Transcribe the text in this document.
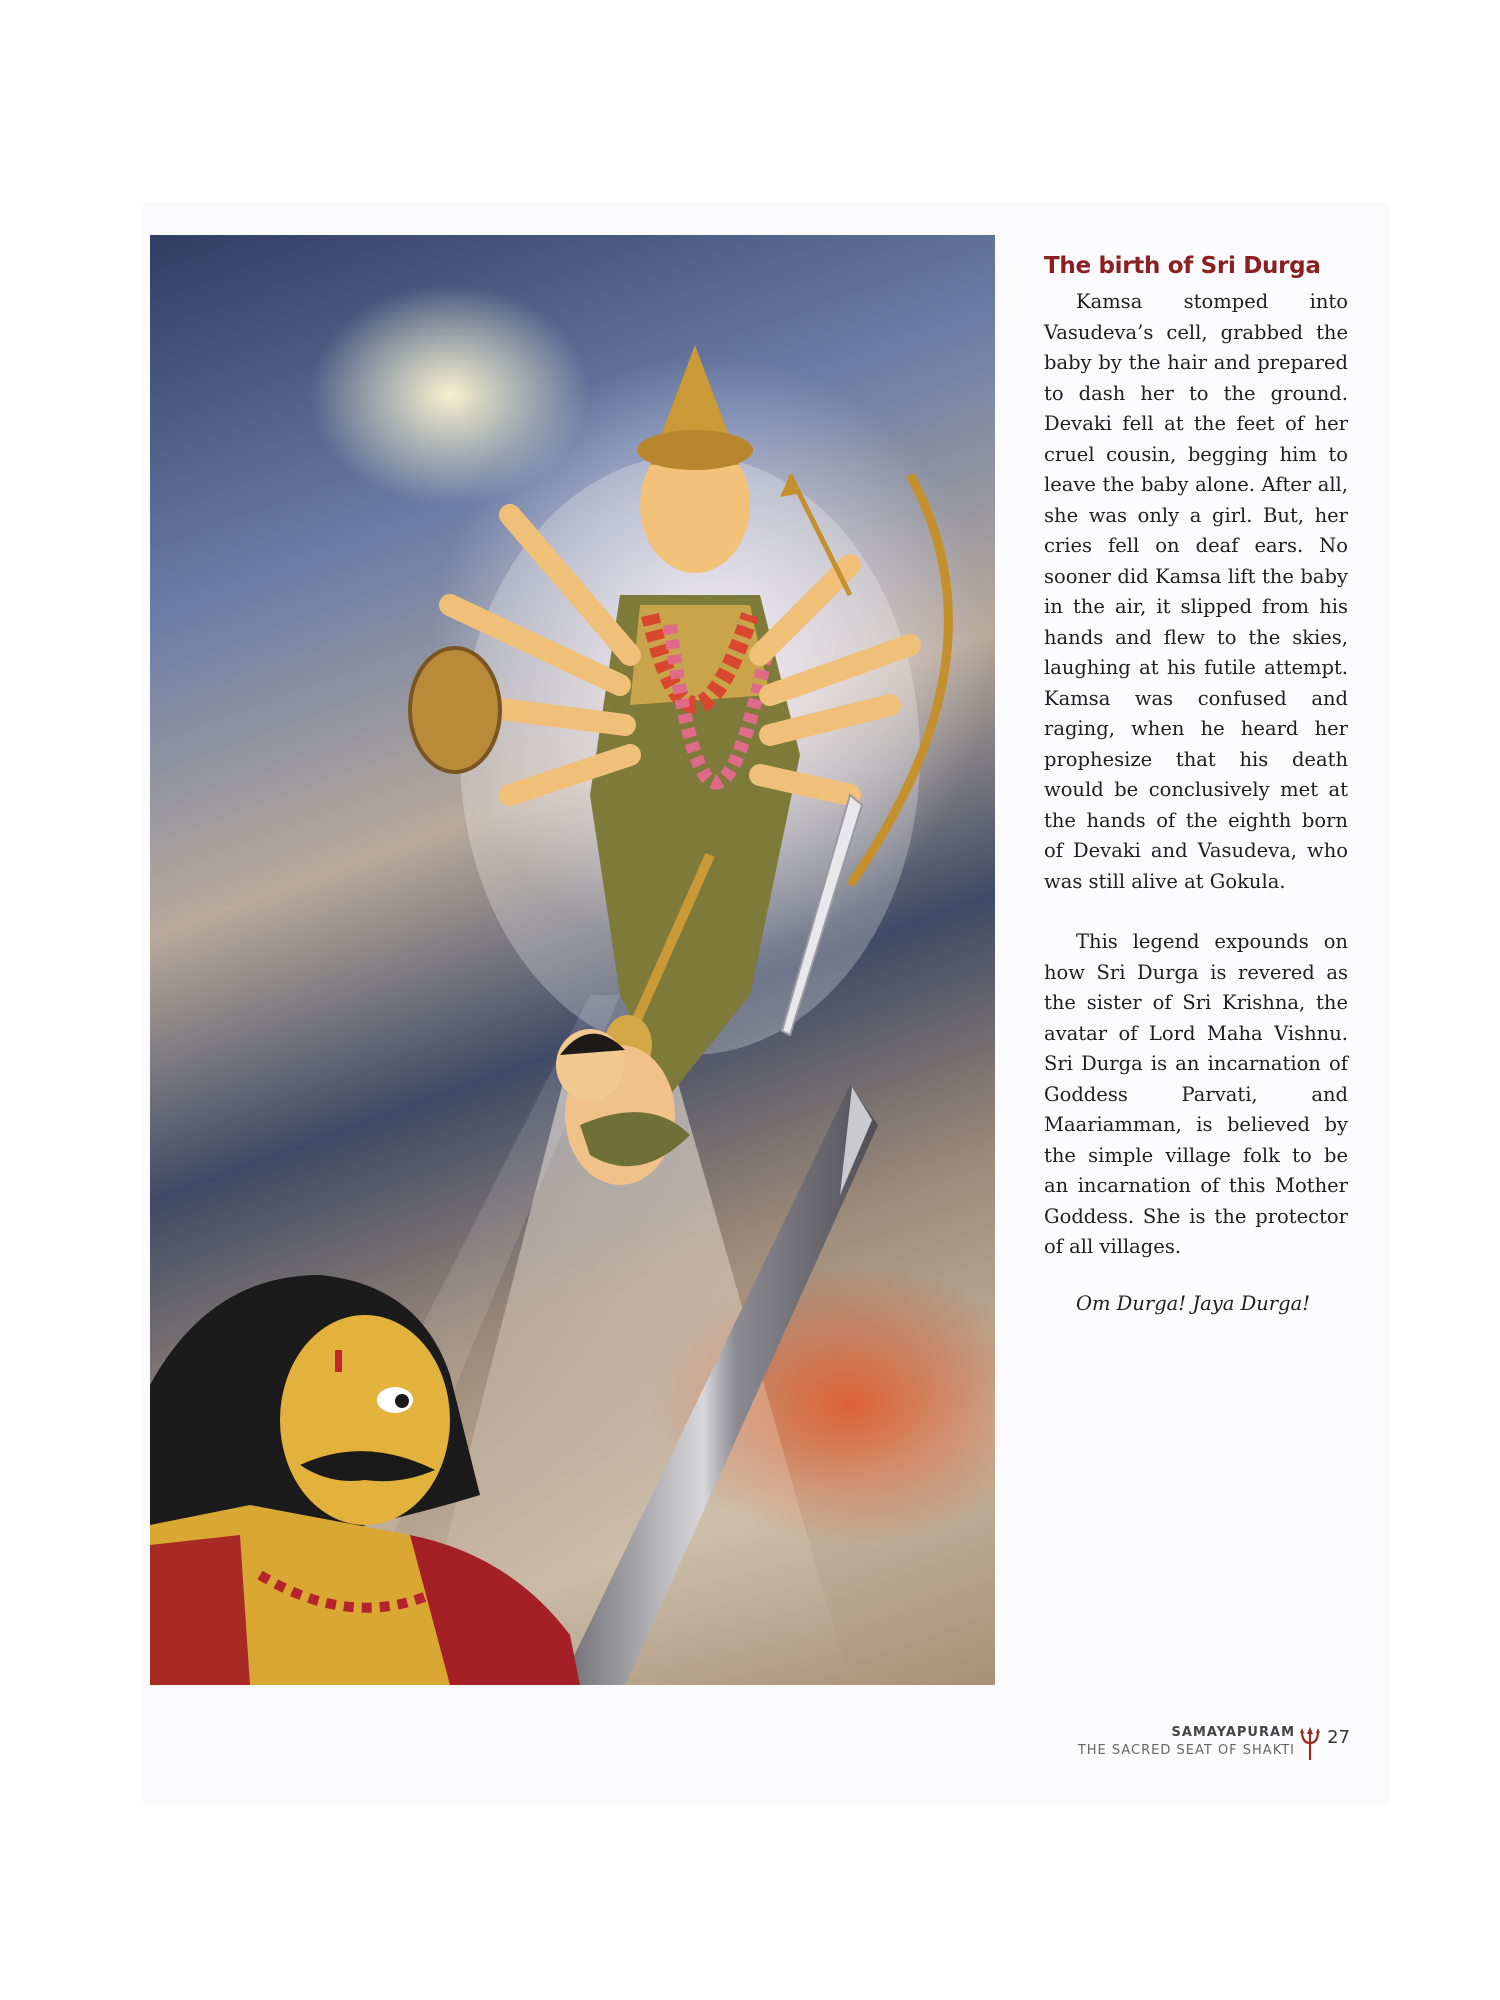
The birth of Sri Durga

Kamsa stomped into Vasudeva’s cell, grabbed the baby by the hair and prepared to dash her to the ground. Devaki fell at the feet of her cruel cousin, begging him to leave the baby alone. After all, she was only a girl. But, her cries fell on deaf ears. No sooner did Kamsa lift the baby in the air, it slipped from his hands and flew to the skies, laughing at his futile attempt. Kamsa was confused and raging, when he heard her prophesize that his death would be conclusively met at the hands of the eighth born of Devaki and Vasudeva, who was still alive at Gokula.

This legend expounds on how Sri Durga is revered as the sister of Sri Krishna, the avatar of Lord Maha Vishnu. Sri Durga is an incarnation of Goddess Parvati, and Maariamman, is believed by the simple village folk to be an incarnation of this Mother Goddess. She is the protector of all villages.

Om Durga! Jaya Durga!

SAMAYAPURAM
THE SACRED SEAT OF SHAKTI
27
